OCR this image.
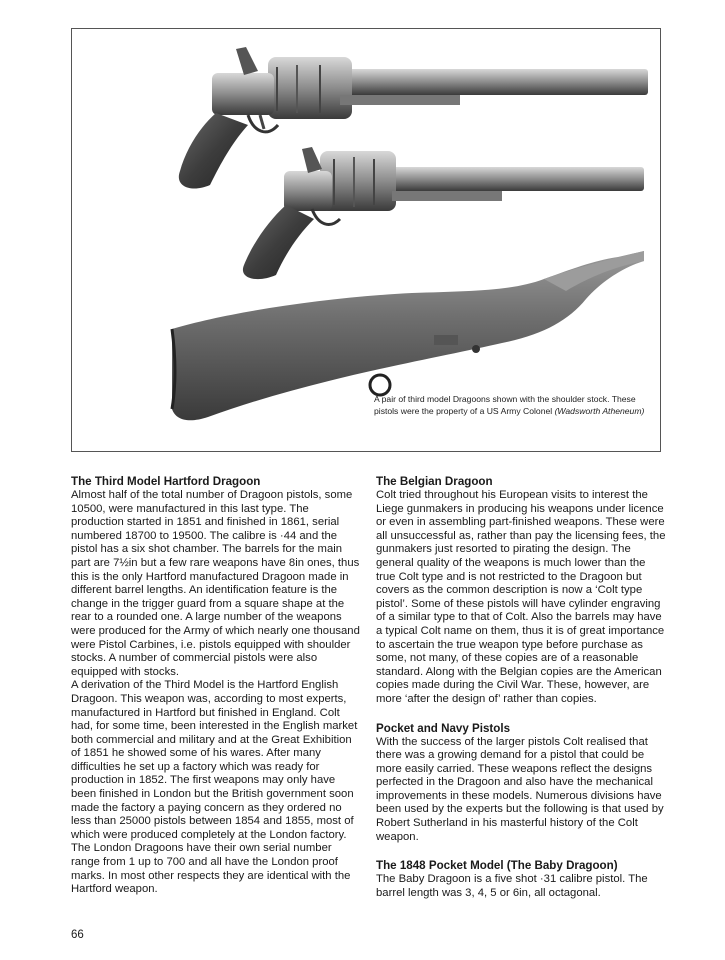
A pair of third model Dragoons shown with the shoulder stock. These pistols were the property of a US Army Colonel (Wadsworth Atheneum)
The Third Model Hartford Dragoon

Almost half of the total number of Dragoon pistols, some 10500, were manufactured in this last type. The production started in 1851 and finished in 1861, serial numbered 18700 to 19500. The calibre is ·44 and the pistol has a six shot chamber. The barrels for the main part are 7½in but a few rare weapons have 8in ones, thus this is the only Hartford manufactured Dragoon made in different barrel lengths. An identification feature is the change in the trigger guard from a square shape at the rear to a rounded one. A large number of the weapons were produced for the Army of which nearly one thousand were Pistol Carbines, i.e. pistols equipped with shoulder stocks. A number of commercial pistols were also equipped with stocks.

A derivation of the Third Model is the Hartford English Dragoon. This weapon was, according to most experts, manufactured in Hartford but finished in England. Colt had, for some time, been interested in the English market both commercial and military and at the Great Exhibition of 1851 he showed some of his wares. After many difficulties he set up a factory which was ready for production in 1852. The first weapons may only have been finished in London but the British government soon made the factory a paying concern as they ordered no less than 25000 pistols between 1854 and 1855, most of which were produced completely at the London factory. The London Dragoons have their own serial number range from 1 up to 700 and all have the London proof marks. In most other respects they are identical with the Hartford weapon.

The Belgian Dragoon

Colt tried throughout his European visits to interest the Liege gunmakers in producing his weapons under licence or even in assembling part-finished weapons. These were all unsuccessful as, rather than pay the licensing fees, the gunmakers just resorted to pirating the design. The general quality of the weapons is much lower than the true Colt type and is not restricted to the Dragoon but covers as the common description is now a ‘Colt type pistol’. Some of these pistols will have cylinder engraving of a similar type to that of Colt. Also the barrels may have a typical Colt name on them, thus it is of great importance to ascertain the true weapon type before purchase as some, not many, of these copies are of a reasonable standard. Along with the Belgian copies are the American copies made during the Civil War. These, however, are more ‘after the design of’ rather than copies.

Pocket and Navy Pistols

With the success of the larger pistols Colt realised that there was a growing demand for a pistol that could be more easily carried. These weapons reflect the designs perfected in the Dragoon and also have the mechanical improvements in these models. Numerous divisions have been used by the experts but the following is that used by Robert Sutherland in his masterful history of the Colt weapon.

The 1848 Pocket Model (The Baby Dragoon)

The Baby Dragoon is a five shot ·31 calibre pistol. The barrel length was 3, 4, 5 or 6in, all octagonal.

66
